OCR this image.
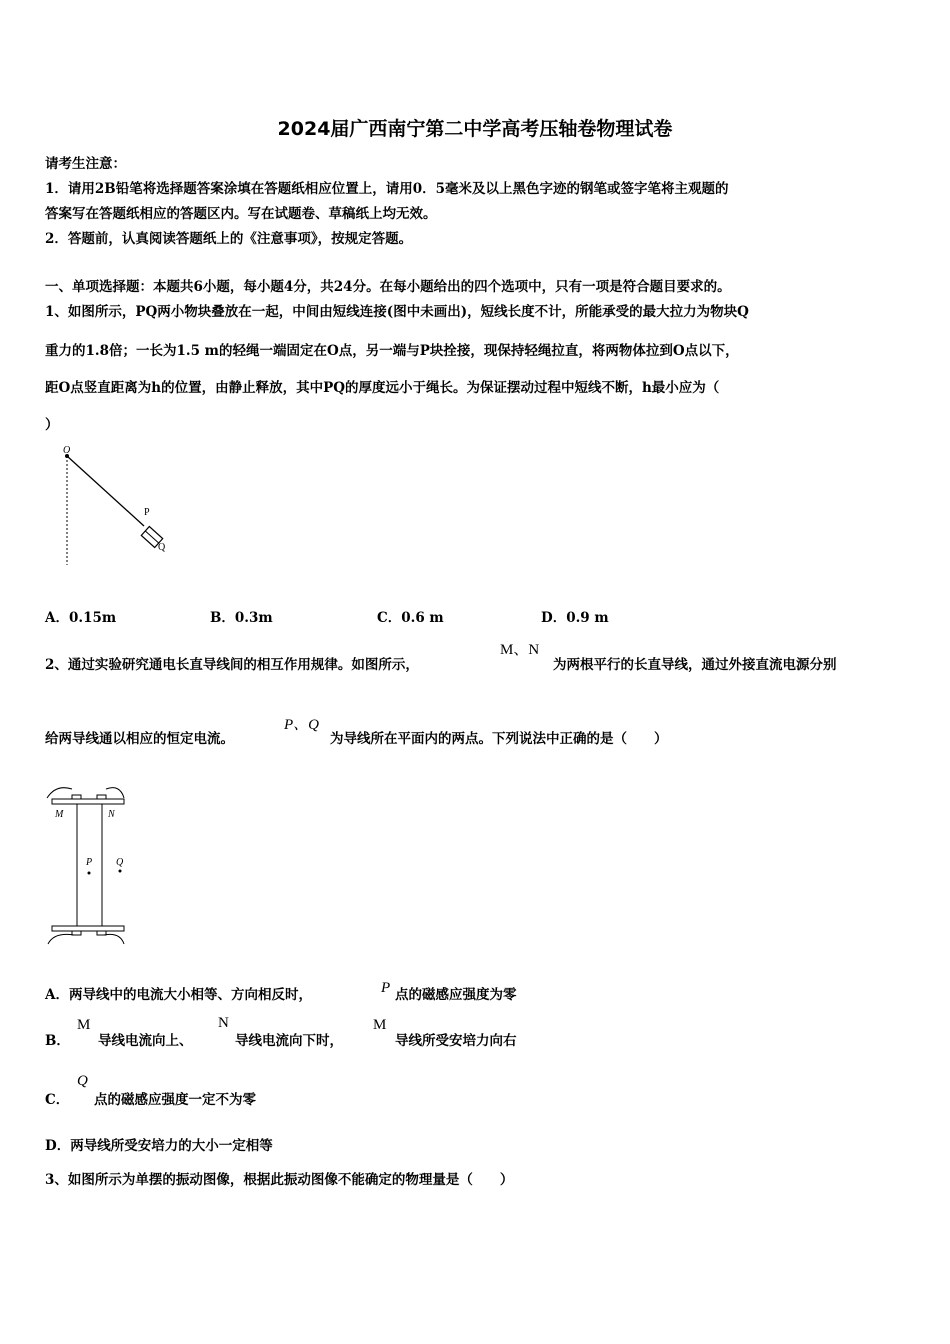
2024届广西南宁第二中学高考压轴卷物理试卷
请考生注意：
1．请用2B铅笔将选择题答案涂填在答题纸相应位置上，请用0．5毫米及以上黑色字迹的钢笔或签字笔将主观题的
答案写在答题纸相应的答题区内。写在试题卷、草稿纸上均无效。
2．答题前，认真阅读答题纸上的《注意事项》，按规定答题。
一、单项选择题：本题共6小题，每小题4分，共24分。在每小题给出的四个选项中，只有一项是符合题目要求的。
1、如图所示，PQ两小物块叠放在一起，中间由短线连接(图中未画出)，短线长度不计，所能承受的最大拉力为物块Q
重力的1.8倍；一长为1.5 m的轻绳一端固定在O点，另一端与P块拴接，现保持轻绳拉直，将两物体拉到O点以下，
距O点竖直距离为h的位置，由静止释放，其中PQ的厚度远小于绳长。为保证摆动过程中短线不断，h最小应为（
）
O
P
Q
A．0.15m	B．0.3m	C．0.6 m	D．0.9 m
2、通过实验研究通电长直导线间的相互作用规律。如图所示，
M、N
为两根平行的长直导线，通过外接直流电源分别
给两导线通以相应的恒定电流。
P、Q
为导线所在平面内的两点。下列说法中正确的是（　　）
M	N
P Q
A．两导线中的电流大小相等、方向相反时，	P 点的磁感应强度为零
B．
M
导线电流向上、
N
导线电流向下时，
M
导线所受安培力向右
C．
Q
点的磁感应强度一定不为零
D．两导线所受安培力的大小一定相等
3、如图所示为单摆的振动图像，根据此振动图像不能确定的物理量是（　　）
